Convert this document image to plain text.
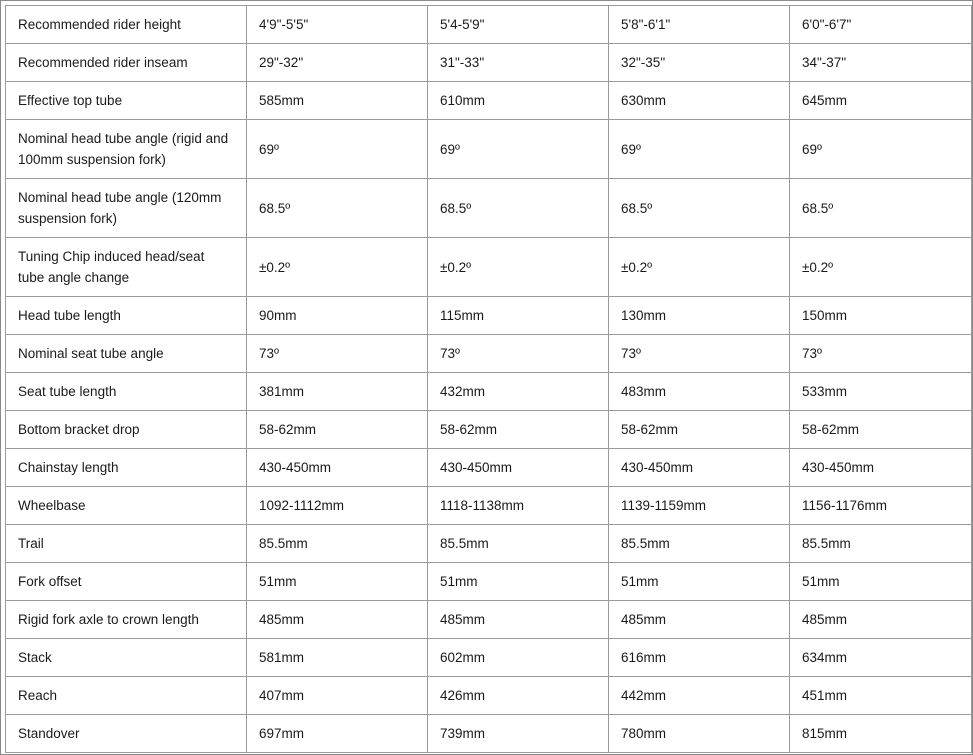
Recommended rider height	4'9"-5'5"	5'4-5'9"	5'8"-6'1"	6'0"-6'7"
Recommended rider inseam	29"-32"	31"-33"	32"-35"	34"-37"
Effective top tube	585mm	610mm	630mm	645mm
Nominal head tube angle (rigid and 100mm suspension fork)	69º	69º	69º	69º
Nominal head tube angle (120mm suspension fork)	68.5º	68.5º	68.5º	68.5º
Tuning Chip induced head/seat tube angle change	±0.2º	±0.2º	±0.2º	±0.2º
Head tube length	90mm	115mm	130mm	150mm
Nominal seat tube angle	73º	73º	73º	73º
Seat tube length	381mm	432mm	483mm	533mm
Bottom bracket drop	58-62mm	58-62mm	58-62mm	58-62mm
Chainstay length	430-450mm	430-450mm	430-450mm	430-450mm
Wheelbase	1092-1112mm	1118-1138mm	1139-1159mm	1156-1176mm
Trail	85.5mm	85.5mm	85.5mm	85.5mm
Fork offset	51mm	51mm	51mm	51mm
Rigid fork axle to crown length	485mm	485mm	485mm	485mm
Stack	581mm	602mm	616mm	634mm
Reach	407mm	426mm	442mm	451mm
Standover	697mm	739mm	780mm	815mm
